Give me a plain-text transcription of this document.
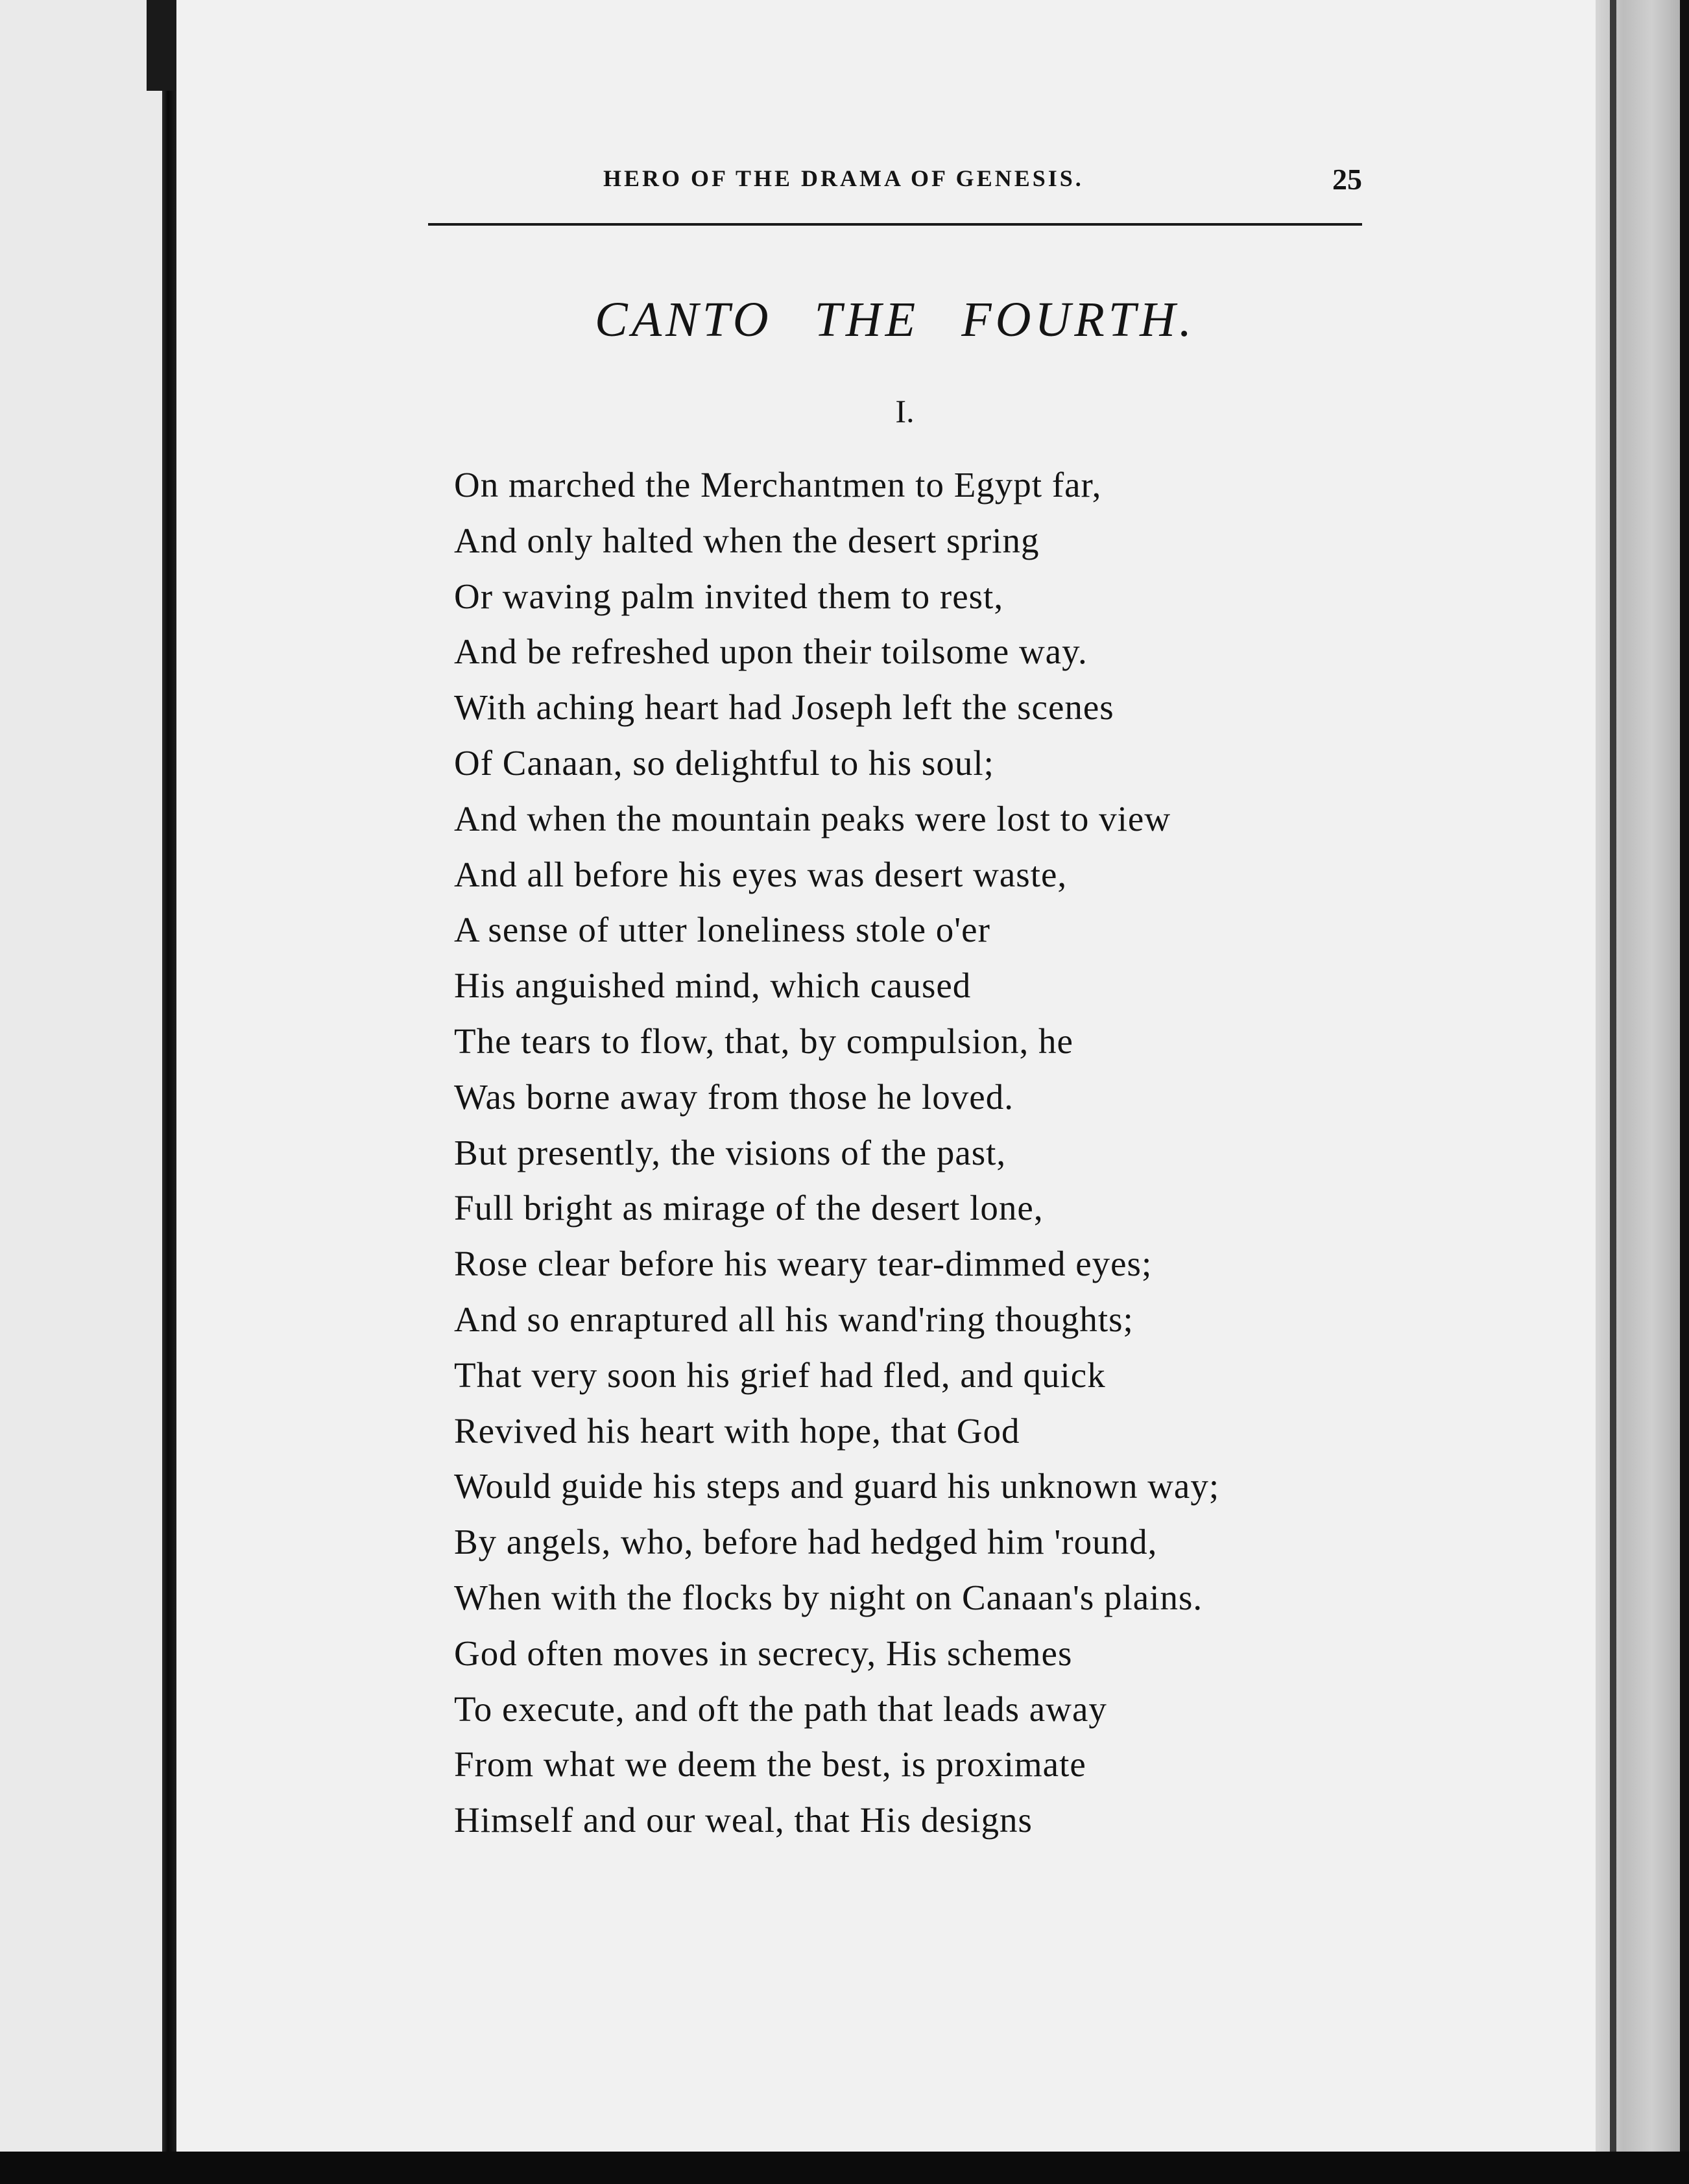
HERO OF THE DRAMA OF GENESIS.	25
CANTO THE FOURTH.
I.
On marched the Merchantmen to Egypt far,
And only halted when the desert spring
Or waving palm invited them to rest,
And be refreshed upon their toilsome way.
With aching heart had Joseph left the scenes
Of Canaan, so delightful to his soul;
And when the mountain peaks were lost to view
And all before his eyes was desert waste,
A sense of utter loneliness stole o'er
His anguished mind, which caused
The tears to flow, that, by compulsion, he
Was borne away from those he loved.
But presently, the visions of the past,
Full bright as mirage of the desert lone,
Rose clear before his weary tear-dimmed eyes;
And so enraptured all his wand'ring thoughts;
That very soon his grief had fled, and quick
Revived his heart with hope, that God
Would guide his steps and guard his unknown way;
By angels, who, before had hedged him 'round,
When with the flocks by night on Canaan's plains.
God often moves in secrecy, His schemes
To execute, and oft the path that leads away
From what we deem the best, is proximate
Himself and our weal, that His designs
